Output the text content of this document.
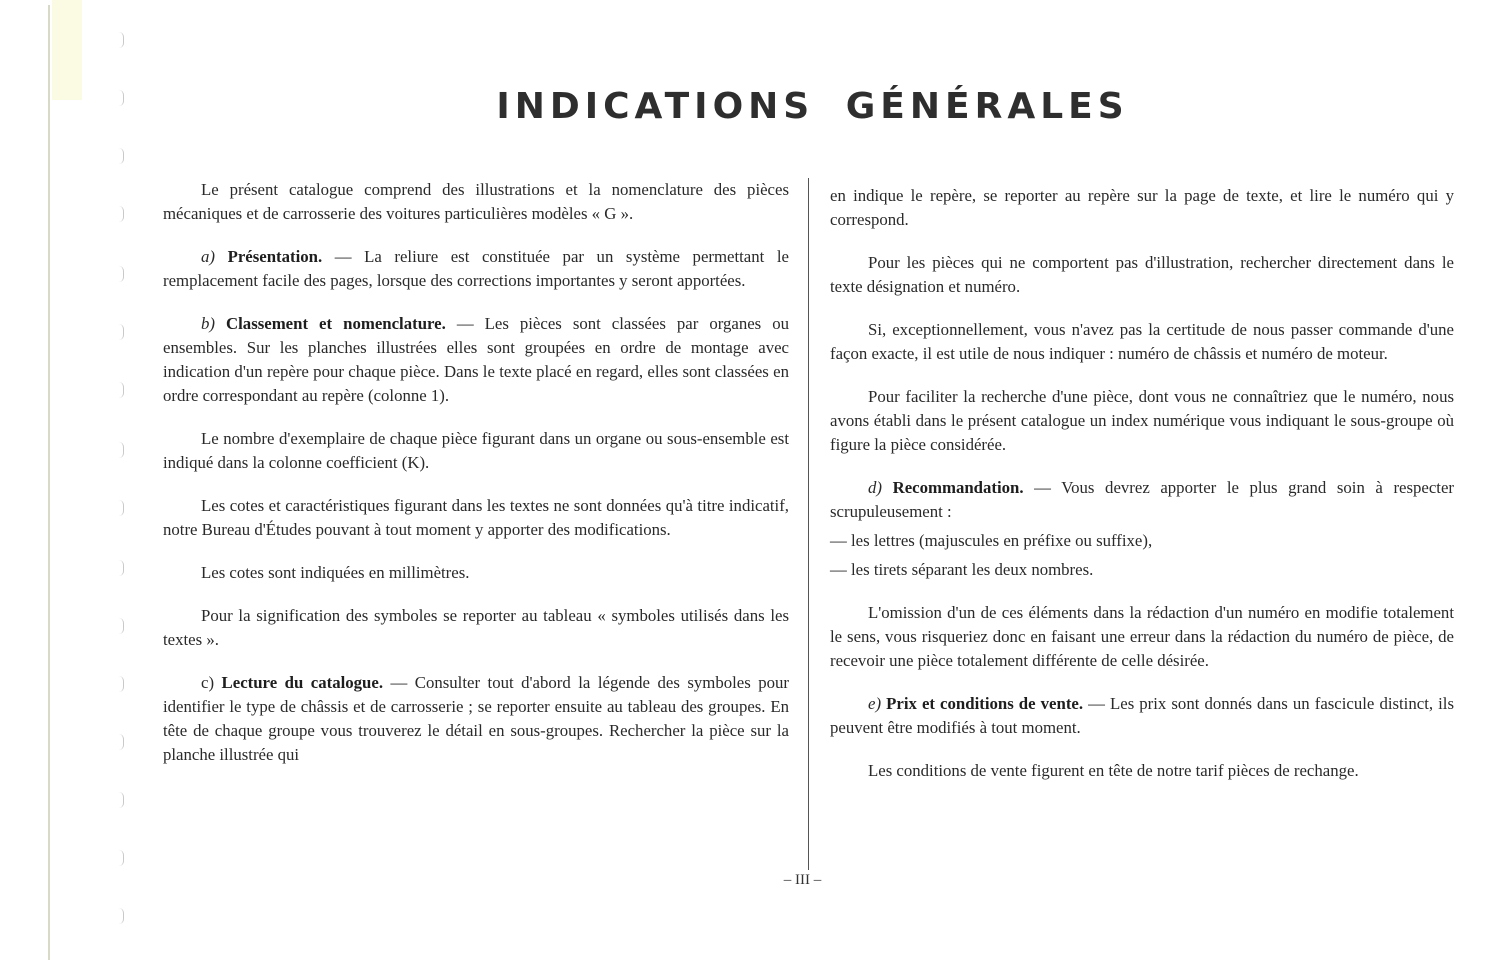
INDICATIONS GÉNÉRALES

Le présent catalogue comprend des illustrations et la nomenclature des pièces mécaniques et de carrosserie des voitures particulières modèles « G ».

a) Présentation. — La reliure est constituée par un système permettant le remplacement facile des pages, lorsque des corrections importantes y seront apportées.

b) Classement et nomenclature. — Les pièces sont classées par organes ou ensembles. Sur les planches illustrées elles sont groupées en ordre de montage avec indication d'un repère pour chaque pièce. Dans le texte placé en regard, elles sont classées en ordre correspondant au repère (colonne 1).

Le nombre d'exemplaire de chaque pièce figurant dans un organe ou sous-ensemble est indiqué dans la colonne coefficient (K).

Les cotes et caractéristiques figurant dans les textes ne sont données qu'à titre indicatif, notre Bureau d'Études pouvant à tout moment y apporter des modifications.

Les cotes sont indiquées en millimètres.

Pour la signification des symboles se reporter au tableau « symboles utilisés dans les textes ».

c) Lecture du catalogue. — Consulter tout d'abord la légende des symboles pour identifier le type de châssis et de carrosserie ; se reporter ensuite au tableau des groupes. En tête de chaque groupe vous trouverez le détail en sous-groupes. Rechercher la pièce sur la planche illustrée qui

en indique le repère, se reporter au repère sur la page de texte, et lire le numéro qui y correspond.

Pour les pièces qui ne comportent pas d'illustration, rechercher directement dans le texte désignation et numéro.

Si, exceptionnellement, vous n'avez pas la certitude de nous passer commande d'une façon exacte, il est utile de nous indiquer : numéro de châssis et numéro de moteur.

Pour faciliter la recherche d'une pièce, dont vous ne connaîtriez que le numéro, nous avons établi dans le présent catalogue un index numérique vous indiquant le sous-groupe où figure la pièce considérée.

d) Recommandation. — Vous devrez apporter le plus grand soin à respecter scrupuleusement :

— les lettres (majuscules en préfixe ou suffixe),

— les tirets séparant les deux nombres.

L'omission d'un de ces éléments dans la rédaction d'un numéro en modifie totalement le sens, vous risqueriez donc en faisant une erreur dans la rédaction du numéro de pièce, de recevoir une pièce totalement différente de celle désirée.

e) Prix et conditions de vente. — Les prix sont donnés dans un fascicule distinct, ils peuvent être modifiés à tout moment.

Les conditions de vente figurent en tête de notre tarif pièces de rechange.

– III –
